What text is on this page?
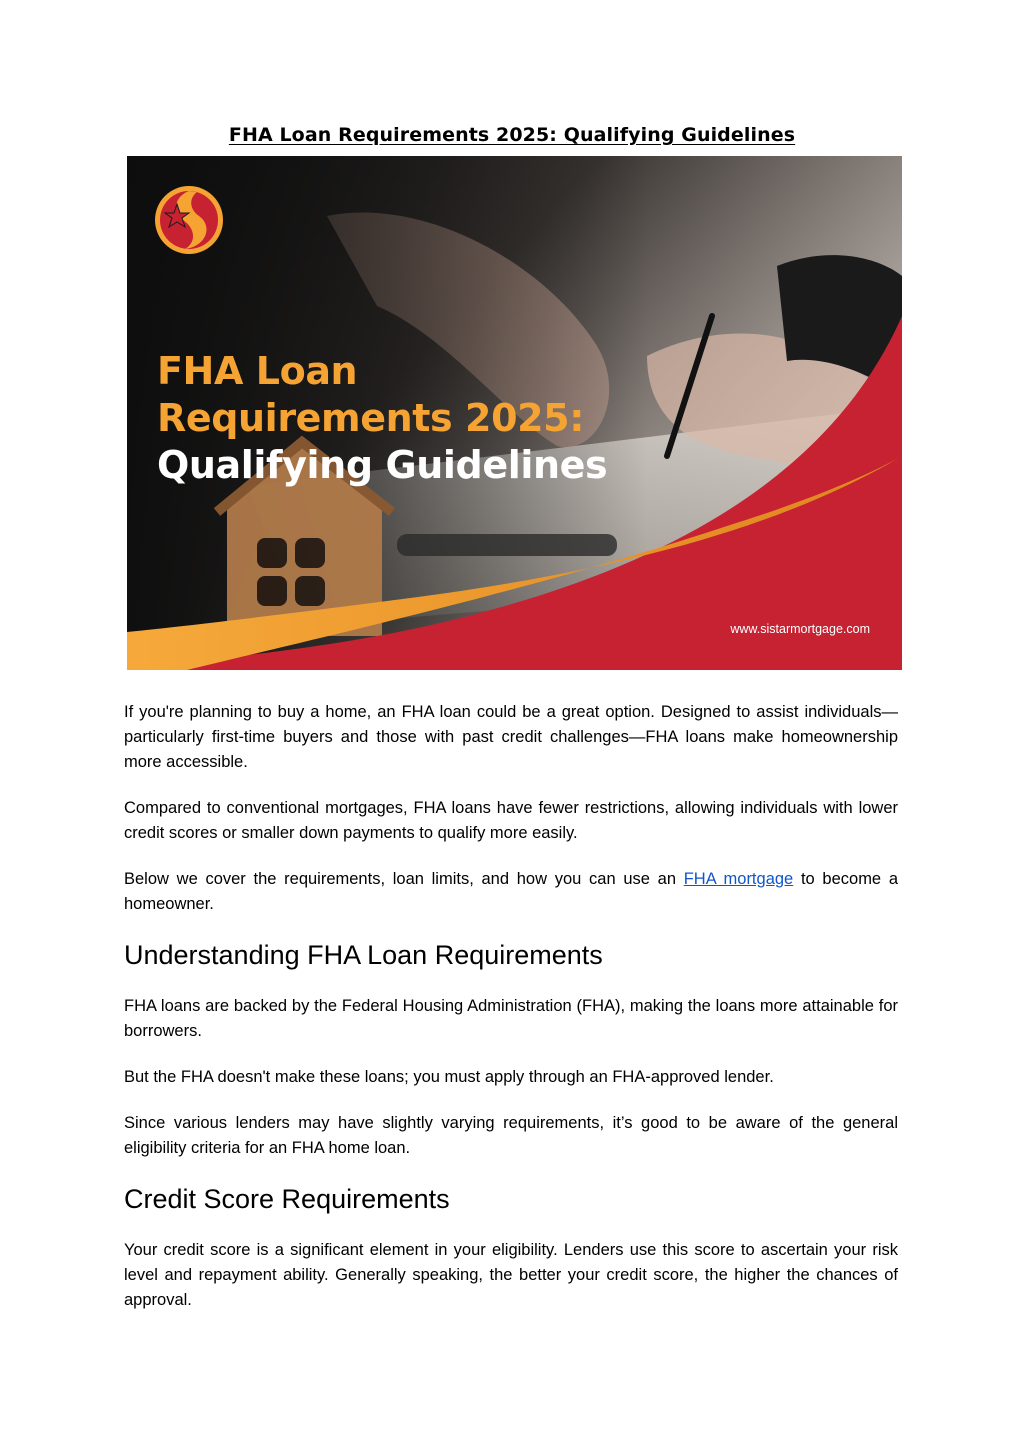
FHA Loan Requirements 2025: Qualifying Guidelines
FHA Loan
Requirements 2025:
Qualifying Guidelines
www.sistarmortgage.com

If you're planning to buy a home, an FHA loan could be a great option. Designed to assist individuals—particularly first-time buyers and those with past credit challenges—FHA loans make homeownership more accessible.

Compared to conventional mortgages, FHA loans have fewer restrictions, allowing individuals with lower credit scores or smaller down payments to qualify more easily.

Below we cover the requirements, loan limits, and how you can use an FHA mortgage to become a homeowner.

Understanding FHA Loan Requirements

FHA loans are backed by the Federal Housing Administration (FHA), making the loans more attainable for borrowers.

But the FHA doesn't make these loans; you must apply through an FHA-approved lender.

Since various lenders may have slightly varying requirements, it’s good to be aware of the general eligibility criteria for an FHA home loan.

Credit Score Requirements

Your credit score is a significant element in your eligibility. Lenders use this score to ascertain your risk level and repayment ability. Generally speaking, the better your credit score, the higher the chances of approval.
